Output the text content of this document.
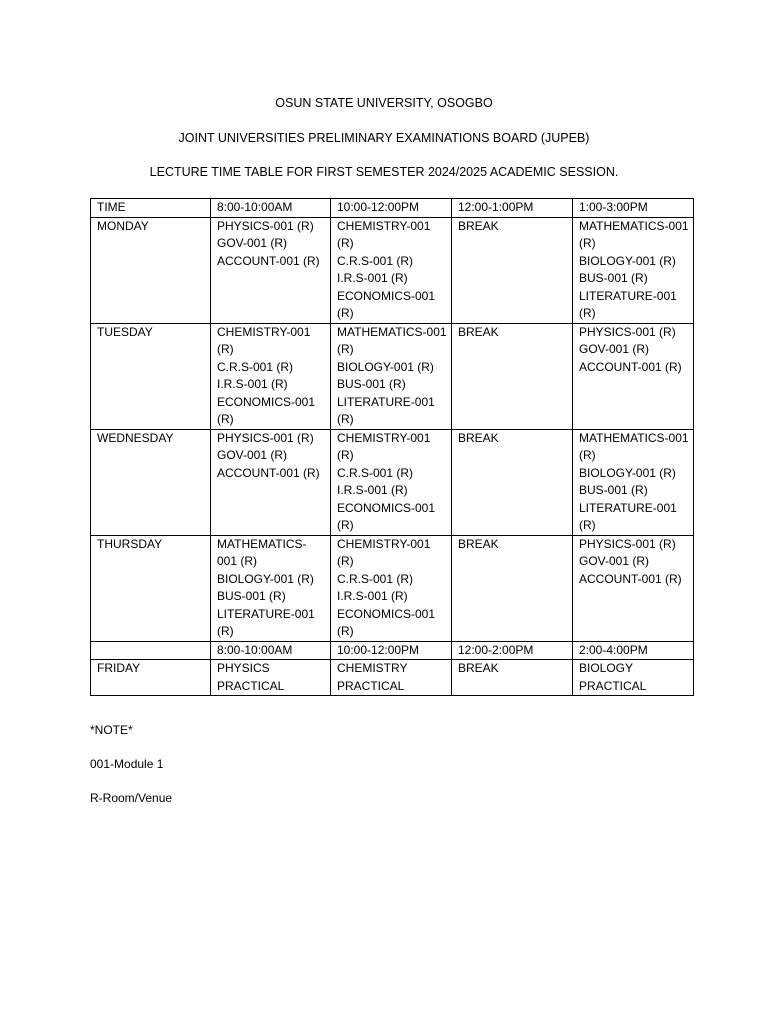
OSUN STATE UNIVERSITY, OSOGBO

JOINT UNIVERSITIES PRELIMINARY EXAMINATIONS BOARD (JUPEB)

LECTURE TIME TABLE FOR FIRST SEMESTER 2024/2025 ACADEMIC SESSION.

TIME	8:00-10:00AM	10:00-12:00PM	12:00-1:00PM	1:00-3:00PM

MONDAY	PHYSICS-001 (R)
GOV-001 (R)
ACCOUNT-001 (R)	CHEMISTRY-001 (R)
C.R.S-001 (R)
I.R.S-001 (R)
ECONOMICS-001 (R)	BREAK	MATHEMATICS-001 (R)
BIOLOGY-001 (R)
BUS-001 (R)
LITERATURE-001 (R)

TUESDAY	CHEMISTRY-001 (R)
C.R.S-001 (R)
I.R.S-001 (R)
ECONOMICS-001 (R)	MATHEMATICS-001 (R)
BIOLOGY-001 (R)
BUS-001 (R)
LITERATURE-001 (R)	BREAK	PHYSICS-001 (R)
GOV-001 (R)
ACCOUNT-001 (R)

WEDNESDAY	PHYSICS-001 (R)
GOV-001 (R)
ACCOUNT-001 (R)	CHEMISTRY-001 (R)
C.R.S-001 (R)
I.R.S-001 (R)
ECONOMICS-001 (R)	BREAK	MATHEMATICS-001 (R)
BIOLOGY-001 (R)
BUS-001 (R)
LITERATURE-001 (R)

THURSDAY	MATHEMATICS-001 (R)
BIOLOGY-001 (R)
BUS-001 (R)
LITERATURE-001 (R)	CHEMISTRY-001 (R)
C.R.S-001 (R)
I.R.S-001 (R)
ECONOMICS-001 (R)	BREAK	PHYSICS-001 (R)
GOV-001 (R)
ACCOUNT-001 (R)

	8:00-10:00AM	10:00-12:00PM	12:00-2:00PM	2:00-4:00PM

FRIDAY	PHYSICS PRACTICAL	CHEMISTRY PRACTICAL	BREAK	BIOLOGY PRACTICAL

*NOTE*

001-Module 1

R-Room/Venue
